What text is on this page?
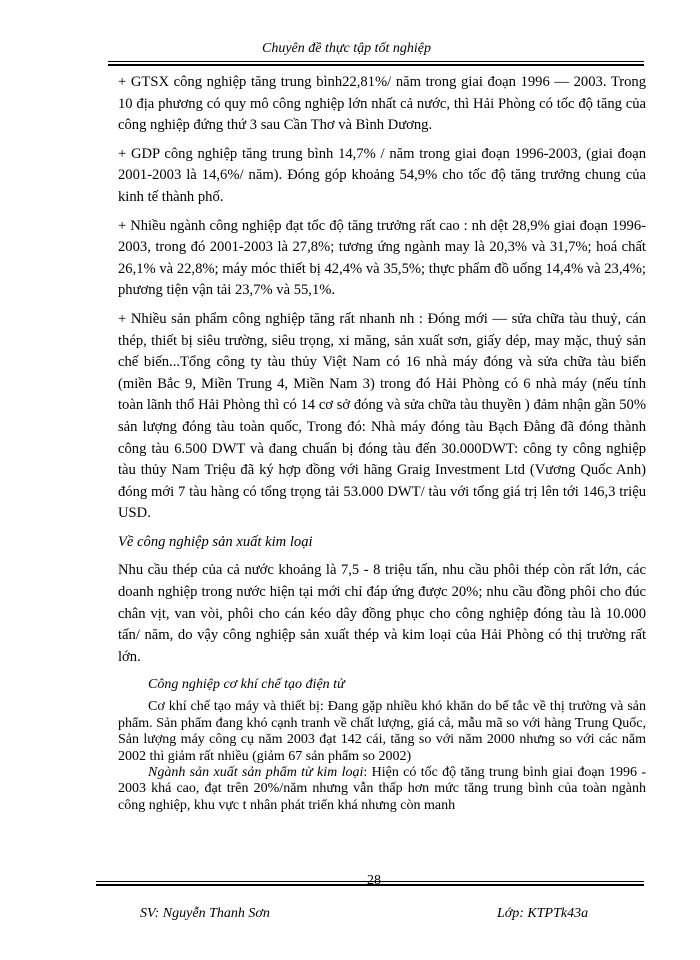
Chuyên đề thực tập tốt nghiệp

+ GTSX công nghiệp tăng trung bình22,81%/ năm trong giai đoạn 1996 — 2003. Trong 10 địa phương có quy mô công nghiệp lớn nhất cả nước, thì Hải Phòng có tốc độ tăng của công nghiệp đứng thứ 3 sau Cần Thơ và Bình Dương.

+ GDP công nghiệp tăng trung bình 14,7% / năm trong giai đoạn 1996-2003, (giai đoạn 2001-2003 là 14,6%/ năm). Đóng góp khoảng 54,9% cho tốc độ tăng trưởng chung của kinh tế thành phố.

+ Nhiều ngành công nghiệp đạt tốc độ tăng trưởng rất cao : nh dệt 28,9% giai đoạn 1996-2003, trong đó 2001-2003 là 27,8%; tương ứng ngành may là 20,3% và 31,7%; hoá chất 26,1% và 22,8%; máy móc thiết bị 42,4% và 35,5%; thực phẩm đồ uống 14,4% và 23,4%; phương tiện vận tải 23,7% và 55,1%.

+ Nhiều sản phẩm công nghiệp tăng rất nhanh nh : Đóng mới — sửa chữa tàu thuỷ, cán thép, thiết bị siêu trường, siêu trọng, xi măng, sản xuất sơn, giấy dép, may mặc, thuỷ sản chế biến...Tổng công ty tàu thủy Việt Nam có 16 nhà máy đóng và sửa chữa tàu biển (miền Bắc 9, Miền Trung 4, Miền Nam 3) trong đó Hải Phòng có 6 nhà máy (nếu tính toàn lãnh thổ Hải Phòng thì có 14 cơ sở đóng và sửa chữa tàu thuyền ) đảm nhận gần 50% sản lượng đóng tàu toàn quốc, Trong đó: Nhà máy đóng tàu Bạch Đằng đã đóng thành công tàu 6.500 DWT và đang chuẩn bị đóng tàu đến 30.000DWT: công ty công nghiệp tàu thủy Nam Triệu đã ký hợp đồng với hãng Graig Investment Ltd (Vương Quốc Anh) đóng mới 7 tàu hàng có tổng trọng tải 53.000 DWT/ tàu với tổng giá trị lên tới 146,3 triệu USD.

Về công nghiệp sản xuất kim loại

Nhu cầu thép của cả nước khoảng là 7,5 - 8 triệu tấn, nhu cầu phôi thép còn rất lớn, các doanh nghiệp trong nước hiện tại mới chỉ đáp ứng được 20%; nhu cầu đồng phôi cho đúc chân vịt, van vòi, phôi cho cán kéo dây đồng phục cho công nghiệp đóng tàu là 10.000 tấn/ năm, do vậy công nghiệp sản xuất thép và kim loại của Hải Phòng có thị trường rất lớn.

Công nghiệp cơ khí chế tạo điện tử

Cơ khí chế tạo máy và thiết bị: Đang gặp nhiều khó khăn do bế tắc về thị trường và sản phẩm. Sản phẩm đang khó cạnh tranh về chất lượng, giá cả, mẫu mã so với hàng Trung Quốc, Sản lượng máy công cụ năm 2003 đạt 142 cái, tăng so với năm 2000 nhưng so với các năm 2002 thì giảm rất nhiều (giảm 67 sản phẩm so 2002)

Ngành sản xuất sản phẩm từ kim loại: Hiện có tốc độ tăng trung bình giai đoạn 1996 - 2003 khá cao, đạt trên 20%/năm nhưng vẫn thấp hơn mức tăng trung bình của toàn ngành công nghiệp, khu vực t nhân phát triển khá nhưng còn manh

28
SV: Nguyễn Thanh Sơn	Lớp: KTPTk43a
